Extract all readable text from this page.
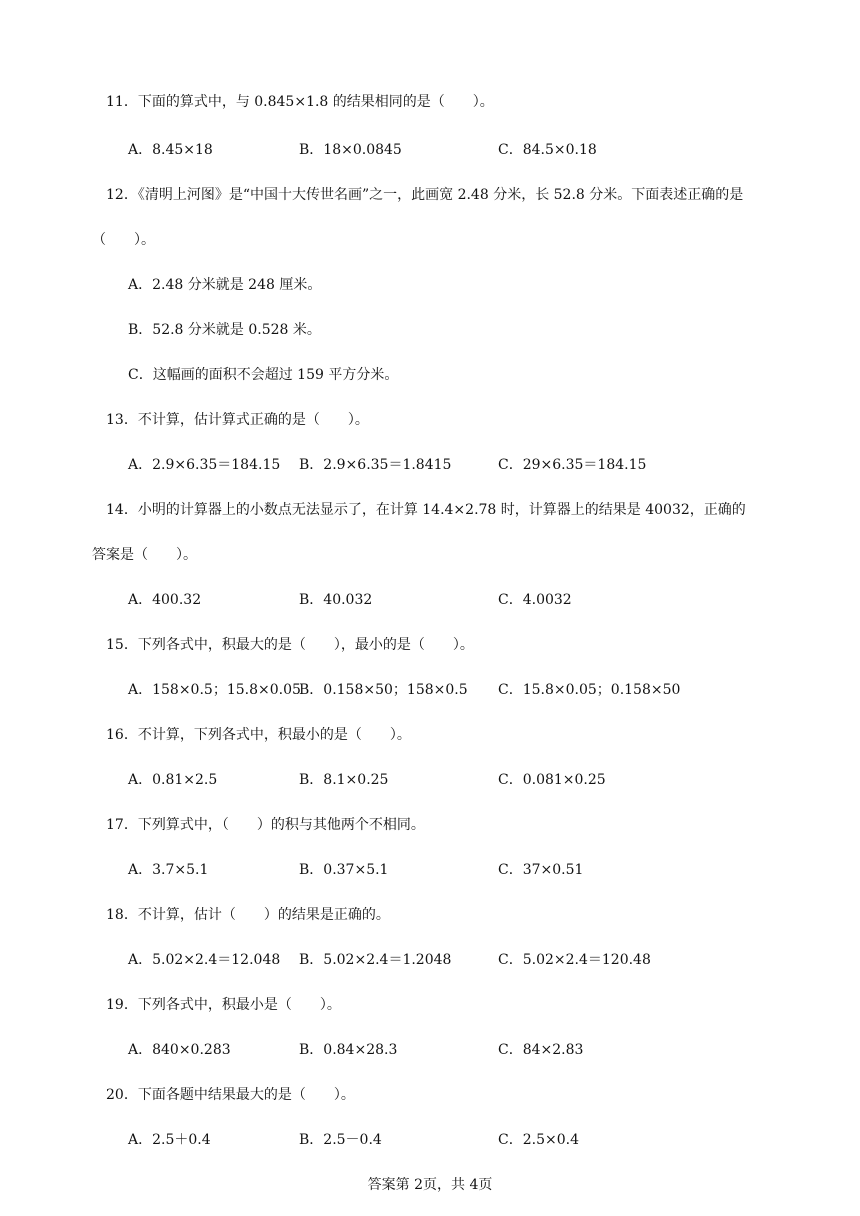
11．下面的算式中，与 0.845×1.8 的结果相同的是（　　）。
A．8.45×18	B．18×0.0845	C．84.5×0.18
12．《清明上河图》是“中国十大传世名画”之一，此画宽 2.48 分米，长 52.8 分米。下面表述正确的是
（　　）。
A．2.48 分米就是 248 厘米。
B．52.8 分米就是 0.528 米。
C．这幅画的面积不会超过 159 平方分米。
13．不计算，估计算式正确的是（　　）。
A．2.9×6.35＝184.15 B．2.9×6.35＝1.8415	C．29×6.35＝184.15
14．小明的计算器上的小数点无法显示了，在计算 14.4×2.78 时，计算器上的结果是 40032，正确的
答案是（　　）。
A．400.32	B．40.032	C．4.0032
15．下列各式中，积最大的是（　　），最小的是（　　）。
A．158×0.5；15.8×0.05
B．0.158×50；158×0.5 C．15.8×0.05；0.158×50
16．不计算，下列各式中，积最小的是（　　）。
A．0.81×2.5	B．8.1×0.25	C．0.081×0.25
17．下列算式中，（　　）的积与其他两个不相同。
A．3.7×5.1	B．0.37×5.1	C．37×0.51
18．不计算，估计（　　）的结果是正确的。
A．5.02×2.4＝12.048 B．5.02×2.4＝1.2048	C．5.02×2.4＝120.48
19．下列各式中，积最小是（　　）。
A．840×0.283	B．0.84×28.3	C．84×2.83
20．下面各题中结果最大的是（　　）。
A．2.5＋0.4	B．2.5－0.4	C．2.5×0.4
答案第 2页，共 4页
